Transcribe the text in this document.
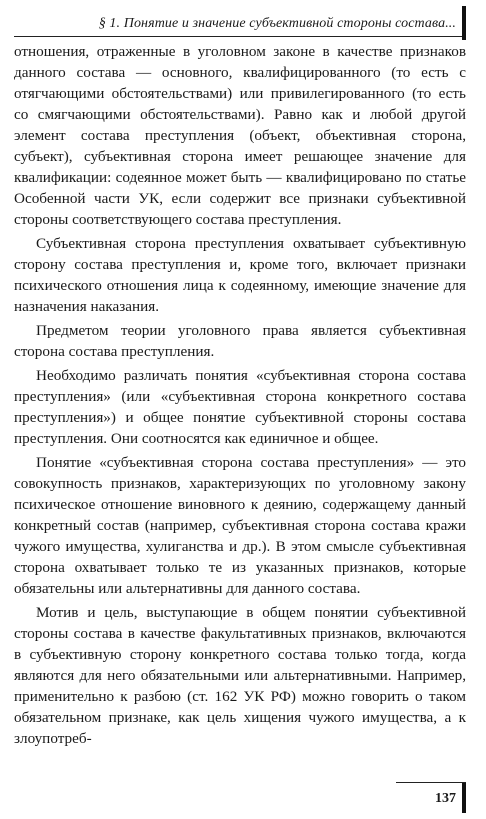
§ 1. Понятие и значение субъективной стороны состава...

отношения, отраженные в уголовном законе в качестве признаков данного состава — основного, квалифицированного (то есть с отягчающими обстоятельствами) или привилегированного (то есть со смягчающими обстоятельствами). Равно как и любой другой элемент состава преступления (объект, объективная сторона, субъект), субъективная сторона имеет решающее значение для квалификации: содеянное может быть — квалифицировано по статье Особенной части УК, если содержит все признаки субъективной стороны соответствующего состава преступления.

Субъективная сторона преступления охватывает субъективную сторону состава преступления и, кроме того, включает признаки психического отношения лица к содеянному, имеющие значение для назначения наказания.

Предметом теории уголовного права является субъективная сторона состава преступления.

Необходимо различать понятия «субъективная сторона состава преступления» (или «субъективная сторона конкретного состава преступления») и общее понятие субъективной стороны состава преступления. Они соотносятся как единичное и общее.

Понятие «субъективная сторона состава преступления» — это совокупность признаков, характеризующих по уголовному закону психическое отношение виновного к деянию, содержащему данный конкретный состав (например, субъективная сторона состава кражи чужого имущества, хулиганства и др.). В этом смысле субъективная сторона охватывает только те из указанных признаков, которые обязательны или альтернативны для данного состава.

Мотив и цель, выступающие в общем понятии субъективной стороны состава в качестве факультативных признаков, включаются в субъективную сторону конкретного состава только тогда, когда являются для него обязательными или альтернативными. Например, применительно к разбою (ст. 162 УК РФ) можно говорить о таком обязательном признаке, как цель хищения чужого имущества, а к злоупотреб-

137
